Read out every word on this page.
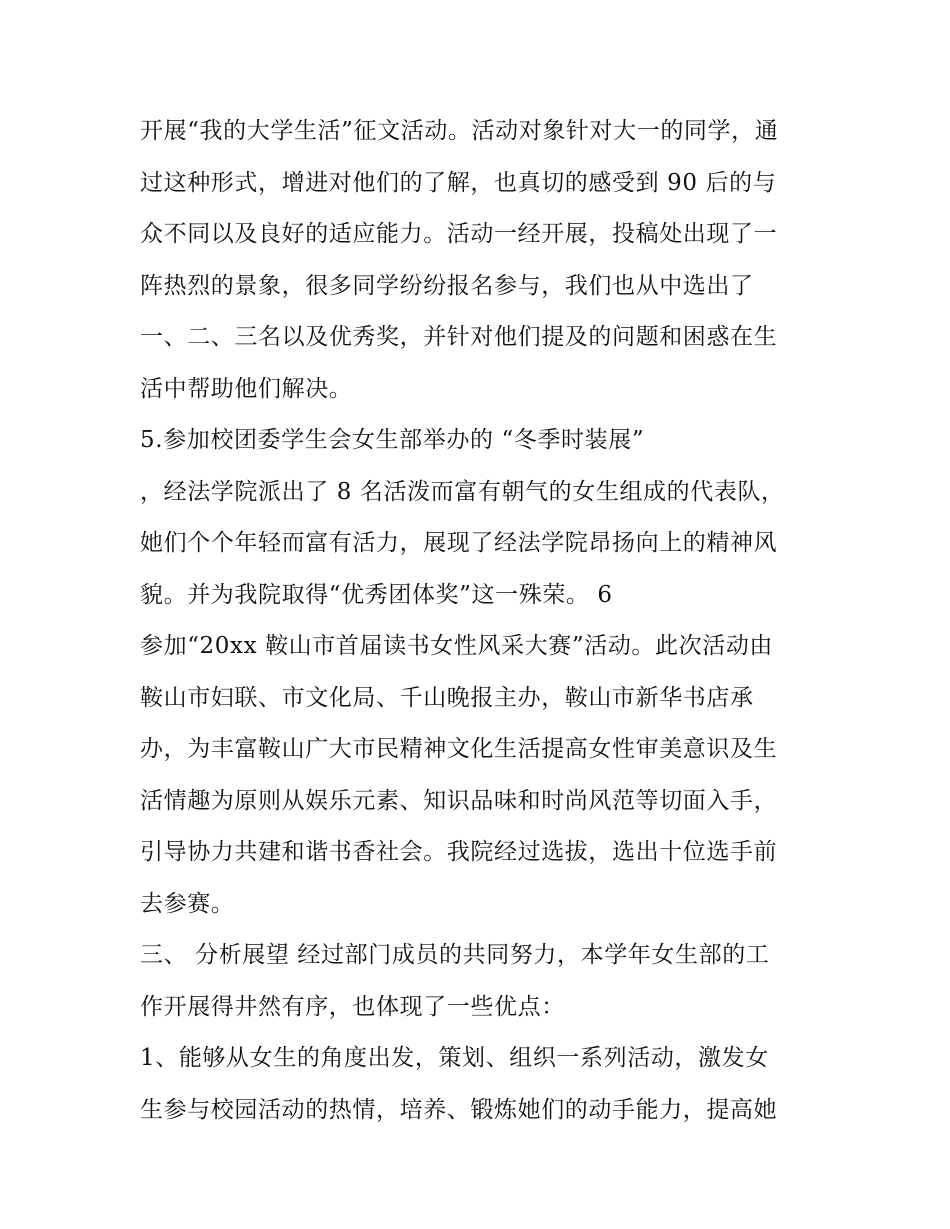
开展“我的大学生活”征文活动。活动对象针对大一的同学，通
过这种形式，增进对他们的了解，也真切的感受到 90 后的与
众不同以及良好的适应能力。活动一经开展，投稿处出现了一
阵热烈的景象，很多同学纷纷报名参与，我们也从中选出了
一、二、三名以及优秀奖，并针对他们提及的问题和困惑在生
活中帮助他们解决。
5.参加校团委学生会女生部举办的 “冬季时装展”
，经法学院派出了 8 名活泼而富有朝气的女生组成的代表队，
她们个个年轻而富有活力，展现了经法学院昂扬向上的精神风
貌。并为我院取得“优秀团体奖”这一殊荣。 6
参加“20xx 鞍山市首届读书女性风采大赛”活动。此次活动由
鞍山市妇联、市文化局、千山晚报主办，鞍山市新华书店承
办，为丰富鞍山广大市民精神文化生活提高女性审美意识及生
活情趣为原则从娱乐元素、知识品味和时尚风范等切面入手，
引导协力共建和谐书香社会。我院经过选拔，选出十位选手前
去参赛。
三、 分析展望 经过部门成员的共同努力，本学年女生部的工
作开展得井然有序，也体现了一些优点：
1、能够从女生的角度出发，策划、组织一系列活动，激发女
生参与校园活动的热情，培养、锻炼她们的动手能力，提高她
